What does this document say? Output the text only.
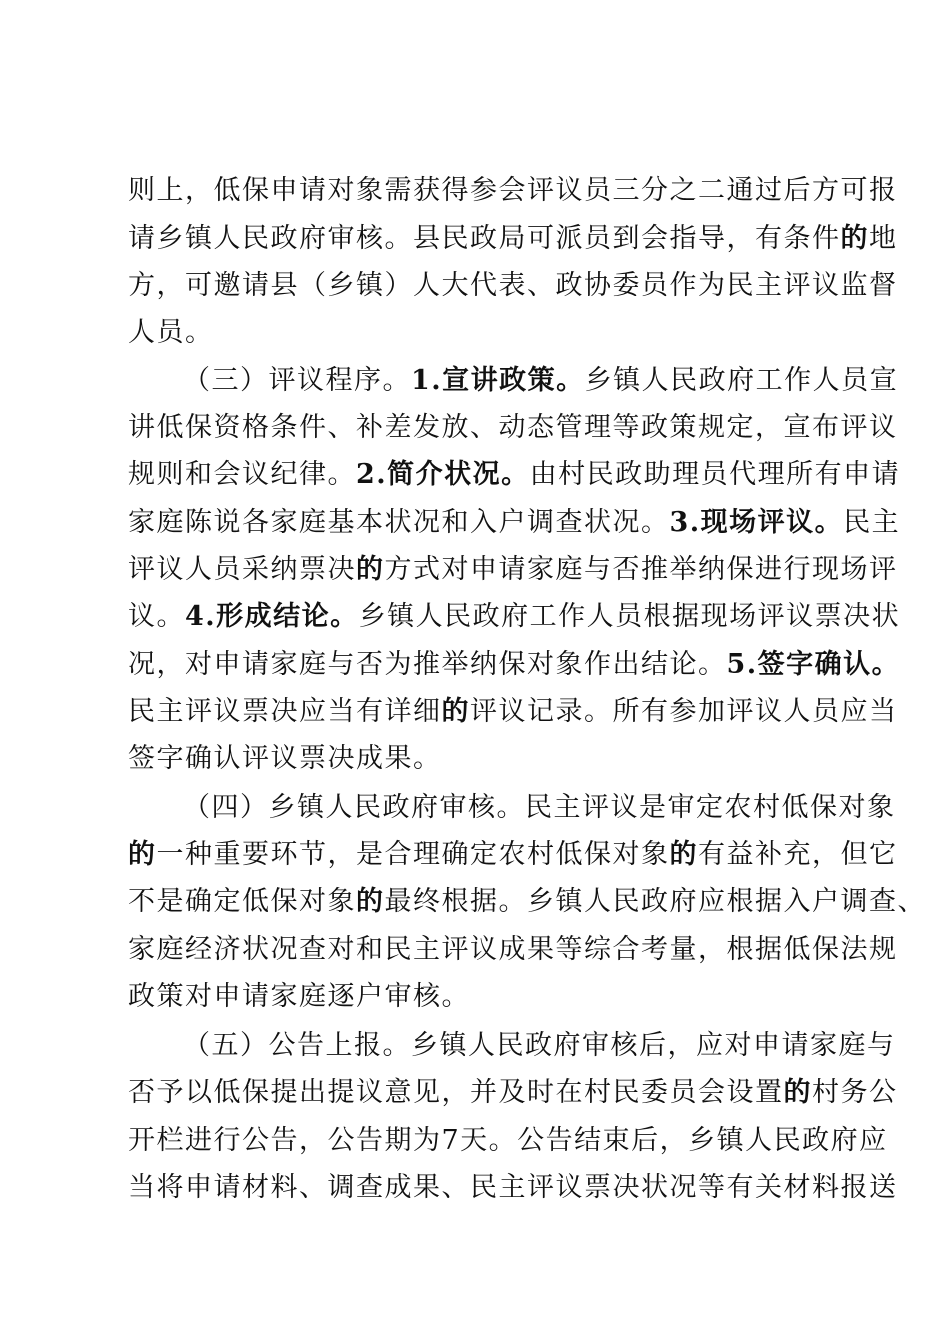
则上，低保申请对象需获得参会评议员三分之二通过后方可报
请乡镇人民政府审核。县民政局可派员到会指导，有条件的地
方，可邀请县（乡镇）人大代表、政协委员作为民主评议监督
人员。
（三）评议程序。1.宣讲政策。乡镇人民政府工作人员宣
讲低保资格条件、补差发放、动态管理等政策规定，宣布评议
规则和会议纪律。2.简介状况。由村民政助理员代理所有申请
家庭陈说各家庭基本状况和入户调查状况。3.现场评议。民主
评议人员采纳票决的方式对申请家庭与否推举纳保进行现场评
议。4.形成结论。乡镇人民政府工作人员根据现场评议票决状
况，对申请家庭与否为推举纳保对象作出结论。5.签字确认。
民主评议票决应当有详细的评议记录。所有参加评议人员应当
签字确认评议票决成果。
（四）乡镇人民政府审核。民主评议是审定农村低保对象
的一种重要环节，是合理确定农村低保对象的有益补充，但它
不是确定低保对象的最终根据。乡镇人民政府应根据入户调查、
家庭经济状况查对和民主评议成果等综合考量，根据低保法规
政策对申请家庭逐户审核。
（五）公告上报。乡镇人民政府审核后，应对申请家庭与
否予以低保提出提议意见，并及时在村民委员会设置的村务公
开栏进行公告，公告期为7天。公告结束后，乡镇人民政府应
当将申请材料、调查成果、民主评议票决状况等有关材料报送
